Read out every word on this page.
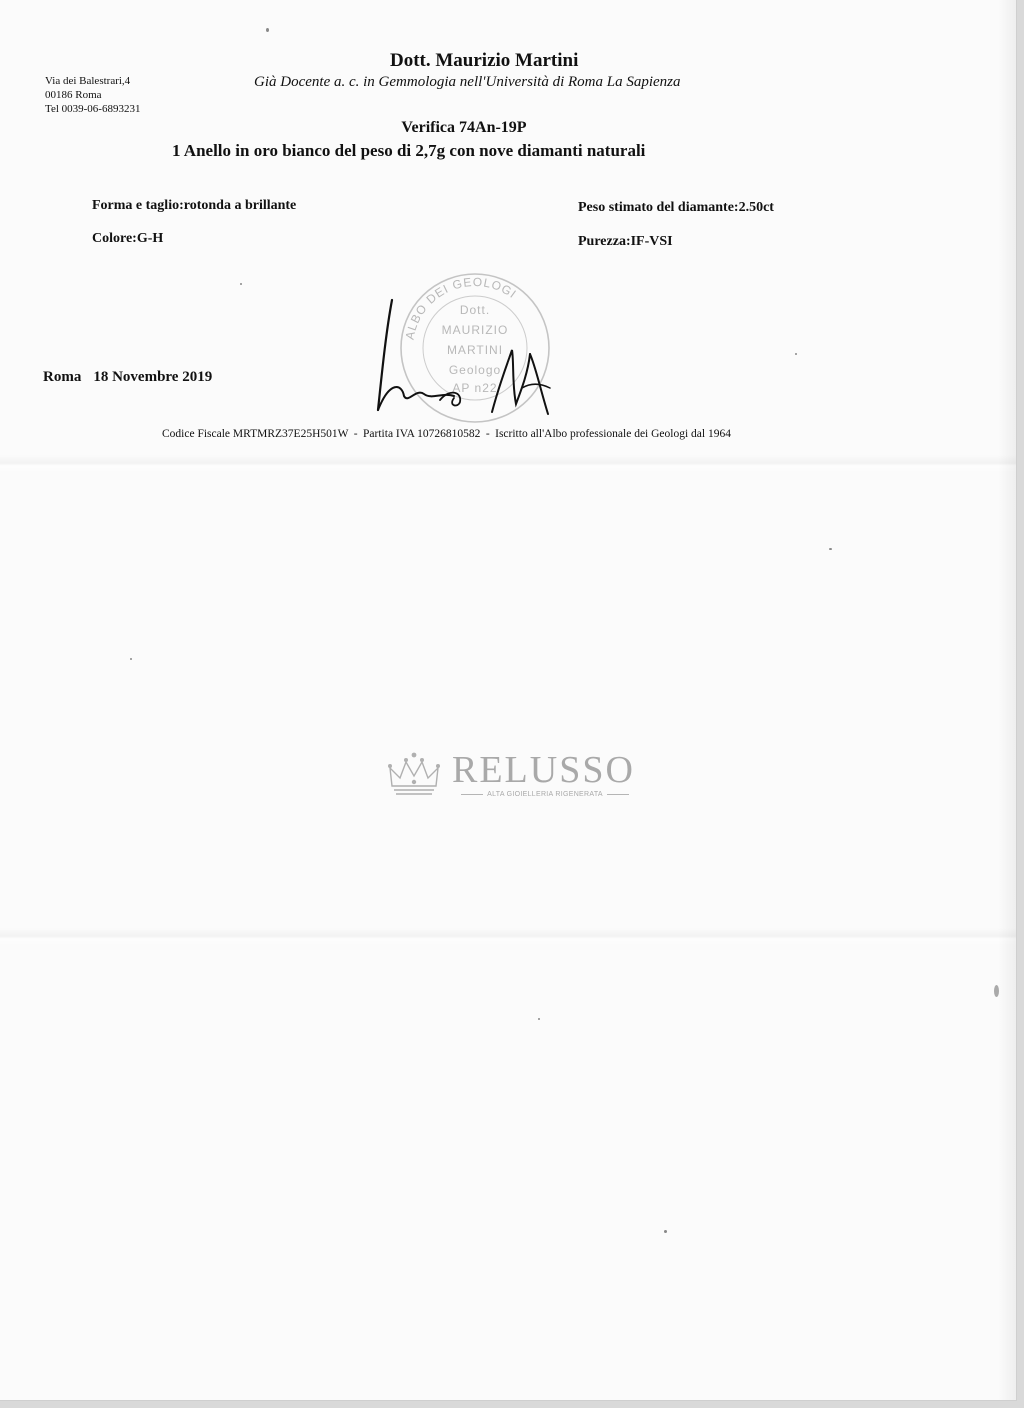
Via dei Balestrari,4
00186 Roma
Tel 0039-06-6893231
Dott. Maurizio Martini
Già Docente a. c. in Gemmologia nell'Università di Roma La Sapienza
Verifica 74An-19P
1 Anello in oro bianco del peso di 2,7g con nove diamanti naturali
Forma e taglio:rotonda a brillante
Colore:G-H
Peso stimato del diamante:2.50ct
Purezza:IF-VSI
Roma 18 Novembre 2019
ALBO DEI GEOLOGI
Dott.
MAURIZIO
MARTINI
Geologo
AP n22
Codice Fiscale MRTMRZ37E25H501W - Partita IVA 10726810582 - Iscritto all'Albo professionale dei Geologi dal 1964
RELUSSO
ALTA GIOIELLERIA RIGENERATA
